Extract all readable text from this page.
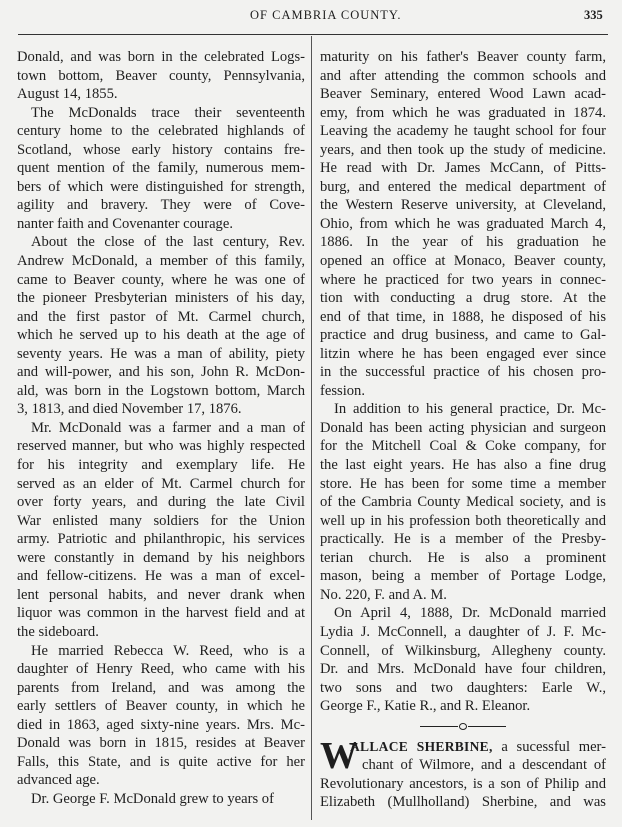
OF CAMBRIA COUNTY.	335
Donald, and was born in the celebrated Logs-
town bottom, Beaver county, Pennsylvania,
August 14, 1855.
The McDonalds trace their seventeenth
century home to the celebrated highlands of
Scotland, whose early history contains fre-
quent mention of the family, numerous mem-
bers of which were distinguished for strength,
agility and bravery. They were of Cove-
nanter faith and Covenanter courage.
About the close of the last century, Rev.
Andrew McDonald, a member of this family,
came to Beaver county, where he was one of
the pioneer Presbyterian ministers of his day,
and the first pastor of Mt. Carmel church,
which he served up to his death at the age of
seventy years. He was a man of ability, piety
and will-power, and his son, John R. McDon-
ald, was born in the Logstown bottom, March
3, 1813, and died November 17, 1876.
Mr. McDonald was a farmer and a man of
reserved manner, but who was highly respected
for his integrity and exemplary life. He
served as an elder of Mt. Carmel church for
over forty years, and during the late Civil
War enlisted many soldiers for the Union
army. Patriotic and philanthropic, his services
were constantly in demand by his neighbors
and fellow-citizens. He was a man of excel-
lent personal habits, and never drank when
liquor was common in the harvest field and at
the sideboard.
He married Rebecca W. Reed, who is a
daughter of Henry Reed, who came with his
parents from Ireland, and was among the
early settlers of Beaver county, in which he
died in 1863, aged sixty-nine years. Mrs. Mc-
Donald was born in 1815, resides at Beaver
Falls, this State, and is quite active for her
advanced age.
Dr. George F. McDonald grew to years of
maturity on his father's Beaver county farm,
and after attending the common schools and
Beaver Seminary, entered Wood Lawn acad-
emy, from which he was graduated in 1874.
Leaving the academy he taught school for four
years, and then took up the study of medicine.
He read with Dr. James McCann, of Pitts-
burg, and entered the medical department of
the Western Reserve university, at Cleveland,
Ohio, from which he was graduated March 4,
1886. In the year of his graduation he
opened an office at Monaco, Beaver county,
where he practiced for two years in connec-
tion with conducting a drug store. At the
end of that time, in 1888, he disposed of his
practice and drug business, and came to Gal-
litzin where he has been engaged ever since
in the successful practice of his chosen pro-
fession.
In addition to his general practice, Dr. Mc-
Donald has been acting physician and surgeon
for the Mitchell Coal & Coke company, for
the last eight years. He has also a fine drug
store. He has been for some time a member
of the Cambria County Medical society, and is
well up in his profession both theoretically and
practically. He is a member of the Presby-
terian church. He is also a prominent
mason, being a member of Portage Lodge,
No. 220, F. and A. M.
On April 4, 1888, Dr. McDonald married
Lydia J. McConnell, a daughter of J. F. Mc-
Connell, of Wilkinsburg, Allegheny county.
Dr. and Mrs. McDonald have four children,
two sons and two daughters: Earle W.,
George F., Katie R., and R. Eleanor.
W
ALLACE SHERBINE, a sucessful mer-
chant of Wilmore, and a descendant of
Revolutionary ancestors, is a son of Philip and
Elizabeth (Mullholland) Sherbine, and was
